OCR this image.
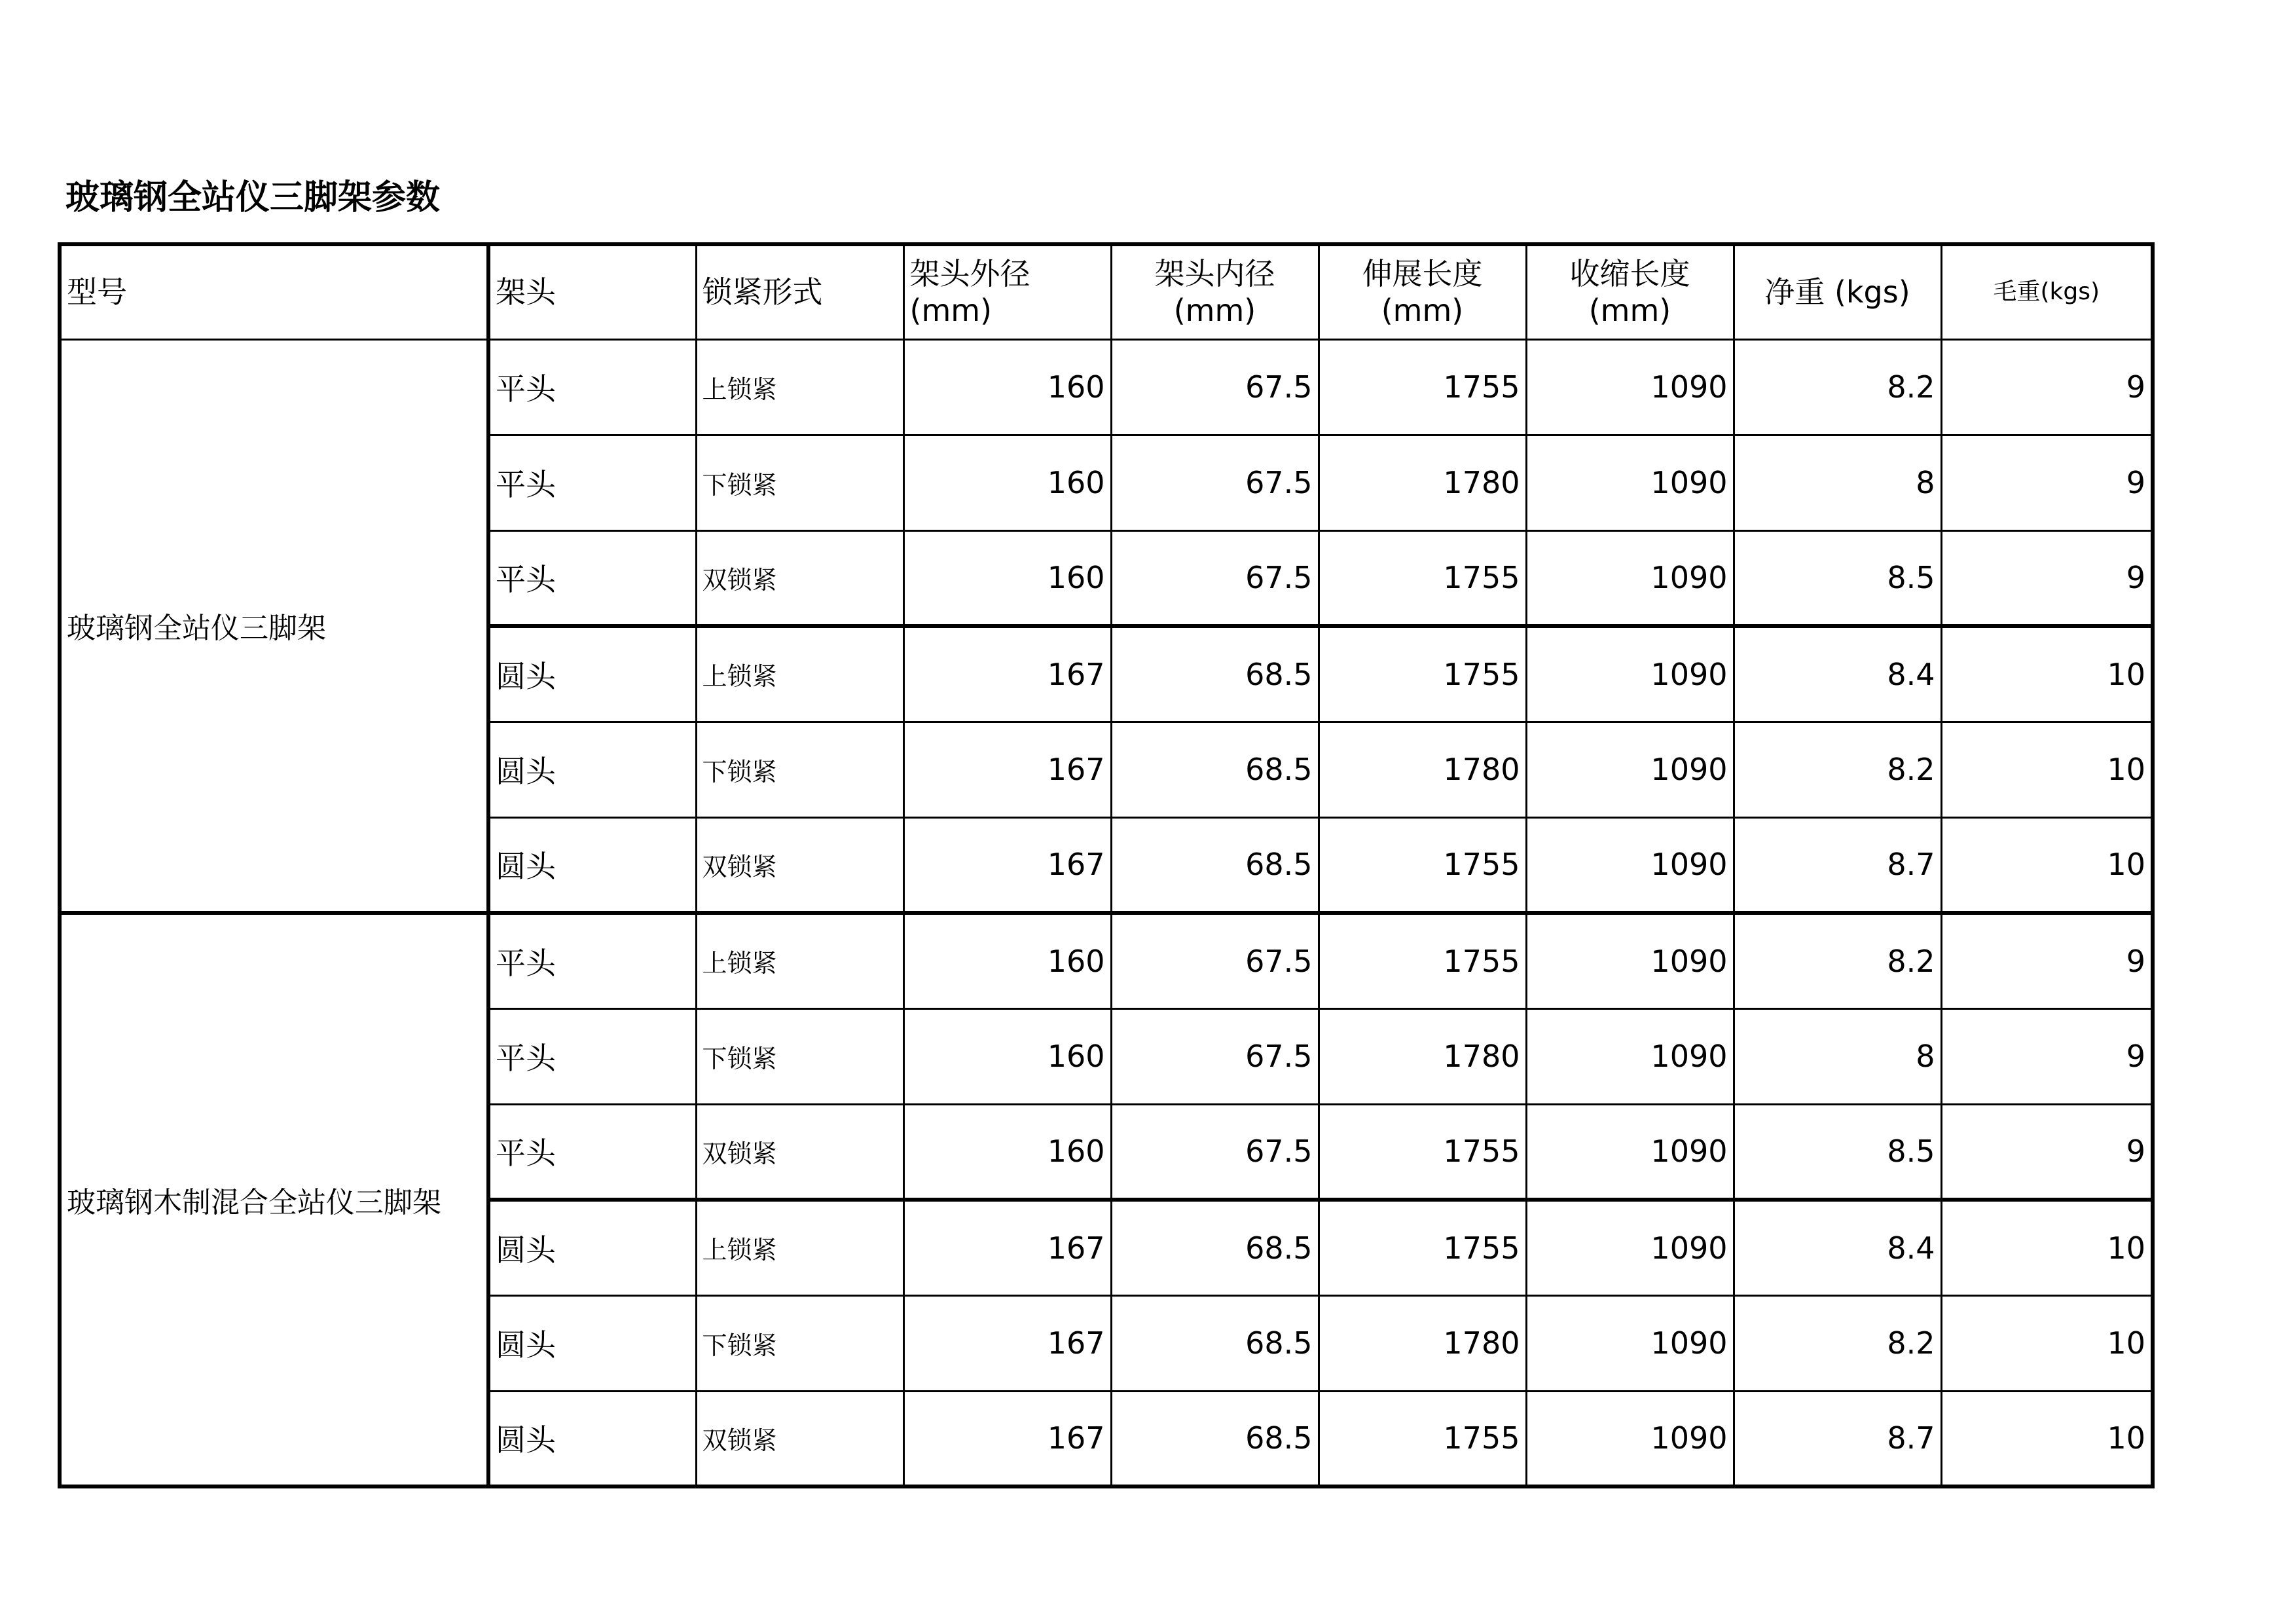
玻璃钢全站仪三脚架参数
型号	架头	锁紧形式	架头外径 (mm)	架头内径 (mm)	伸展长度 (mm)	收缩长度 (mm)	净重 (kgs)	毛重(kgs)
玻璃钢全站仪三脚架	平头	上锁紧	160	67.5	1755	1090	8.2	9
	平头	下锁紧	160	67.5	1780	1090	8	9
	平头	双锁紧	160	67.5	1755	1090	8.5	9
	圆头	上锁紧	167	68.5	1755	1090	8.4	10
	圆头	下锁紧	167	68.5	1780	1090	8.2	10
	圆头	双锁紧	167	68.5	1755	1090	8.7	10
玻璃钢木制混合全站仪三脚架	平头	上锁紧	160	67.5	1755	1090	8.2	9
	平头	下锁紧	160	67.5	1780	1090	8	9
	平头	双锁紧	160	67.5	1755	1090	8.5	9
	圆头	上锁紧	167	68.5	1755	1090	8.4	10
	圆头	下锁紧	167	68.5	1780	1090	8.2	10
	圆头	双锁紧	167	68.5	1755	1090	8.7	10
